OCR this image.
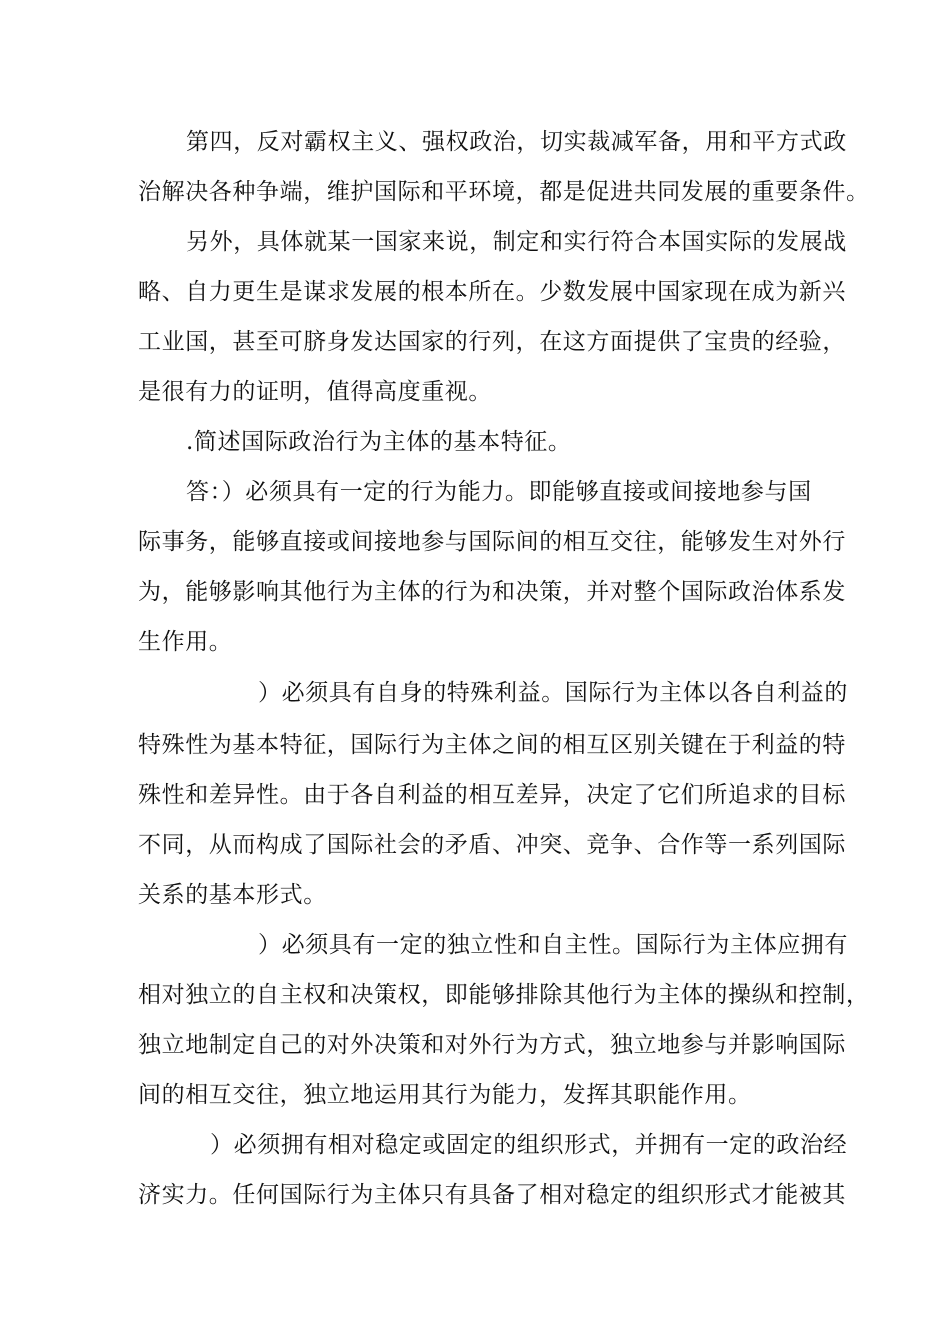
第四，反对霸权主义、强权政治，切实裁减军备，用和平方式政
治解决各种争端，维护国际和平环境，都是促进共同发展的重要条件。
另外，具体就某一国家来说，制定和实行符合本国实际的发展战
略、自力更生是谋求发展的根本所在。少数发展中国家现在成为新兴
工业国，甚至可脐身发达国家的行列，在这方面提供了宝贵的经验，
是很有力的证明，值得高度重视。
.简述国际政治行为主体的基本特征。
答：）必须具有一定的行为能力。即能够直接或间接地参与国
际事务，能够直接或间接地参与国际间的相互交往，能够发生对外行
为，能够影响其他行为主体的行为和决策，并对整个国际政治体系发
生作用。
）必须具有自身的特殊利益。国际行为主体以各自利益的
特殊性为基本特征，国际行为主体之间的相互区别关键在于利益的特
殊性和差异性。由于各自利益的相互差异，决定了它们所追求的目标
不同，从而构成了国际社会的矛盾、冲突、竞争、合作等一系列国际
关系的基本形式。
）必须具有一定的独立性和自主性。国际行为主体应拥有
相对独立的自主权和决策权，即能够排除其他行为主体的操纵和控制，
独立地制定自己的对外决策和对外行为方式，独立地参与并影响国际
间的相互交往，独立地运用其行为能力，发挥其职能作用。
）必须拥有相对稳定或固定的组织形式，并拥有一定的政治经
济实力。任何国际行为主体只有具备了相对稳定的组织形式才能被其
